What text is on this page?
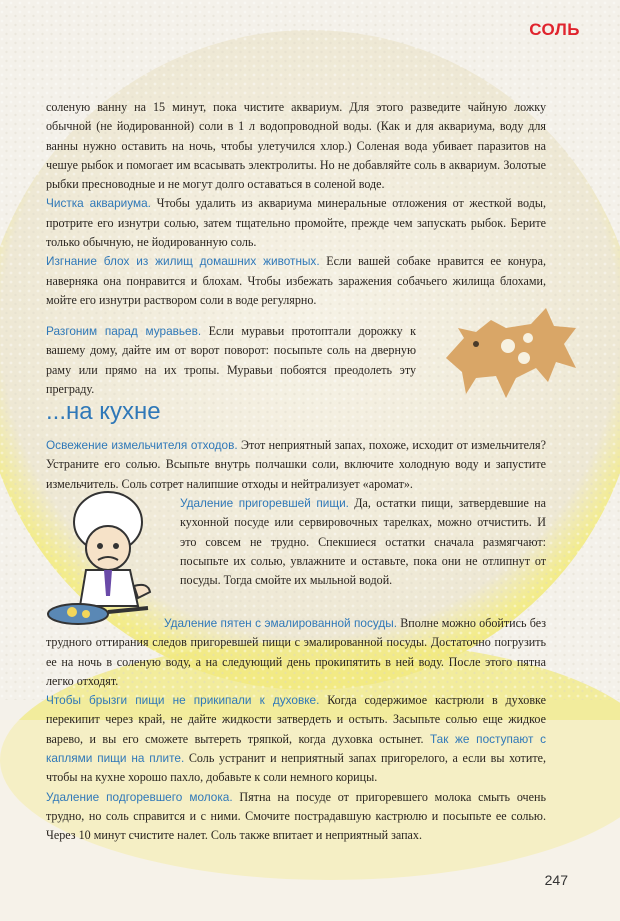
СОЛЬ

соленую ванну на 15 минут, пока чистите аквариум. Для этого разведите чайную ложку обычной (не йодированной) соли в 1 л водопроводной воды. (Как и для аквариума, воду для ванны нужно оставить на ночь, чтобы улетучился хлор.) Соленая вода убивает паразитов на чешуе рыбок и помогает им всасывать электролиты. Но не добавляйте соль в аквариум. Золотые рыбки пресноводные и не могут долго оставаться в соленой воде.

Чистка аквариума. Чтобы удалить из аквариума минеральные отложения от жесткой воды, протрите его изнутри солью, затем тщательно промойте, прежде чем запускать рыбок. Берите только обычную, не йодированную соль.

Изгнание блох из жилищ домашних животных. Если вашей собаке нравится ее конура, наверняка она понравится и блохам. Чтобы избежать заражения собачьего жилища блохами, мойте его изнутри раствором соли в воде регулярно.

Разгоним парад муравьев. Если муравьи протоптали дорожку к вашему дому, дайте им от ворот поворот: посыпьте соль на дверную раму или прямо на их тропы. Муравьи побоятся преодолеть эту преграду.

...на кухне

Освежение измельчителя отходов. Этот неприятный запах, похоже, исходит от измельчителя? Устраните его солью. Всыпьте внутрь полчашки соли, включите холодную воду и запустите измельчитель. Соль сотрет налипшие отходы и нейтрализует «аромат».

Удаление пригоревшей пищи. Да, остатки пищи, затвердевшие на кухонной посуде или сервировочных тарелках, можно отчистить. И это совсем не трудно. Спекшиеся остатки сначала размягчают: посыпьте их солью, увлажните и оставьте, пока они не отлипнут от посуды. Тогда смойте их мыльной водой.

Удаление пятен с эмалированной посуды. Вполне можно обойтись без трудного оттирания следов пригоревшей пищи с эмалированной посуды. Достаточно погрузить ее на ночь в соленую воду, а на следующий день прокипятить в ней воду. После этого пятна легко отходят.

Чтобы брызги пищи не прикипали к духовке. Когда содержимое кастрюли в духовке перекипит через край, не дайте жидкости затвердеть и остыть. Засыпьте солью еще жидкое варево, и вы его сможете вытереть тряпкой, когда духовка остынет. Так же поступают с каплями пищи на плите. Соль устранит и неприятный запах пригорелого, а если вы хотите, чтобы на кухне хорошо пахло, добавьте к соли немного корицы.

Удаление подгоревшего молока. Пятна на посуде от пригоревшего молока смыть очень трудно, но соль справится и с ними. Смочите пострадавшую кастрюлю и посыпьте ее солью. Через 10 минут счистите налет. Соль также впитает и неприятный запах.

247
